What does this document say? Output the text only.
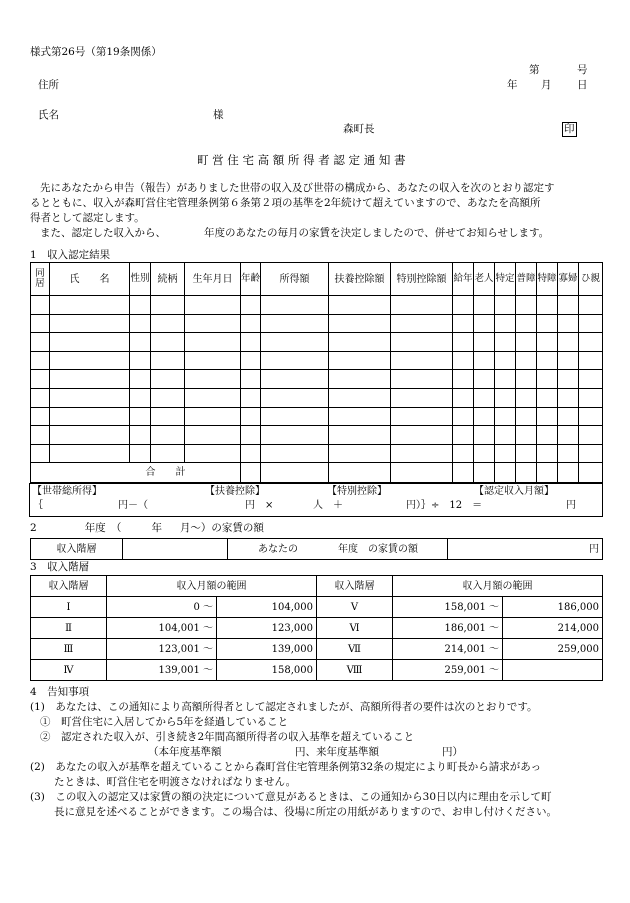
様式第26号（第19条関係）
第	号
住所	年 月 日
氏名	様
森町長	印
町 営 住 宅 高 額 所 得 者 認 定 通 知 書
先にあなたから申告（報告）がありました世帯の収入及び世帯の構成から、あなたの収入を次のとおり認定す
るとともに、収入が森町営住宅管理条例第６条第２項の基準を2年続けて超えていますので、あなたを高額所
得者として認定します。
また、認定した収入から、	年度のあなたの毎月の家賃を決定しましたので、併せてお知らせします。
1　収入認定結果
同居	氏　　名	性別	続柄	生年月日	年齢	所得額	扶養控除額	特別控除額	給年	老人	特定	普障	特障	寡婦	ひ親

合　　計															
【世帯総所得】	【扶養控除】	【特別控除】	【認定収入月額】
｛	円－（	円　×	人　＋	円）｝÷　12　＝	円
2	年度　（	年 月～）の家賃の額
収入階層		あなたの	年度　の家賃の額	円
3　収入階層
収入階層	収入月額の範囲		収入階層	収入月額の範囲	
Ⅰ	0 ～	104,000	Ⅴ	158,001 ～	186,000
Ⅱ	104,001 ～	123,000	Ⅵ	186,001 ～	214,000
Ⅲ	123,001 ～	139,000	Ⅶ	214,001 ～	259,000
Ⅳ	139,001 ～	158,000	Ⅷ	259,001 ～	
4　告知事項
(1)　あなたは、この通知により高額所得者として認定されましたが、高額所得者の要件は次のとおりです。
①　町営住宅に入居してから5年を経過していること
②　認定された収入が、引き続き2年間高額所得者の収入基準を超えていること
（本年度基準額　　　　　　　円、来年度基準額　　　　　　円）
(2)　あなたの収入が基準を超えていることから森町営住宅管理条例第32条の規定により町長から請求があっ
たときは、町営住宅を明渡さなければなりません。
(3)　この収入の認定又は家賃の額の決定について意見があるときは、この通知から30日以内に理由を示して町
長に意見を述べることができます。この場合は、役場に所定の用紙がありますので、お申し付けください。
